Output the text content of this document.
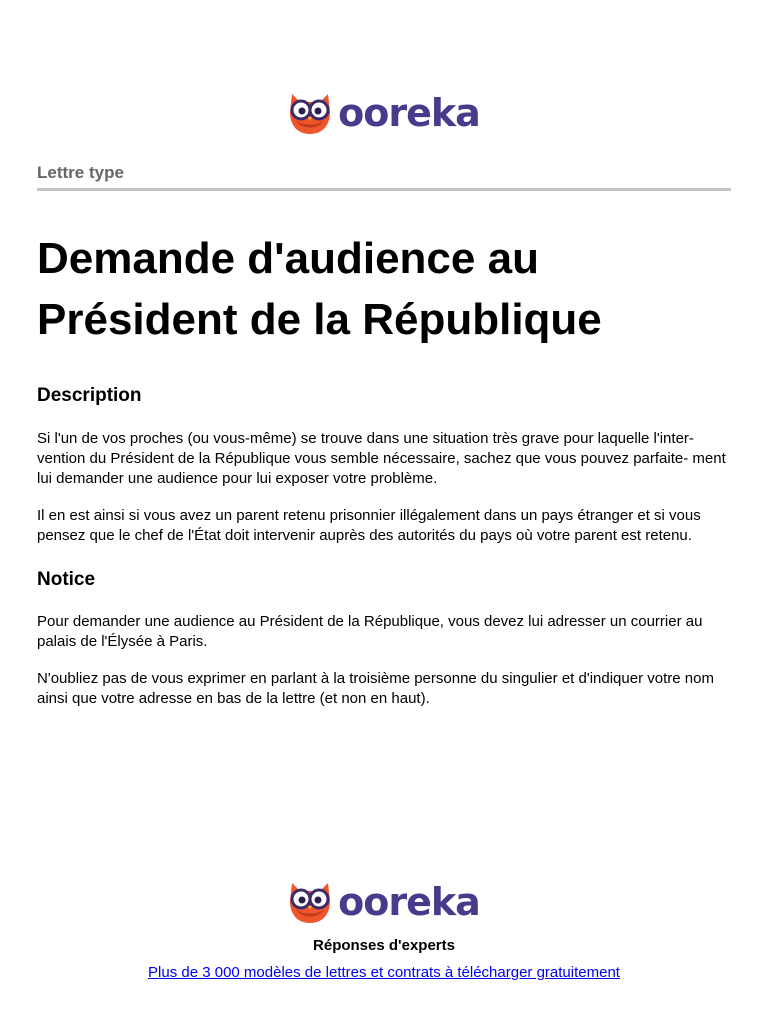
ooreka
Lettre type
Demande d'audience au
Président de la République
Description

Si l'un de vos proches (ou vous-même) se trouve dans une situation très grave pour laquelle l'inter- vention du Président de la République vous semble nécessaire, sachez que vous pouvez parfaite- ment lui demander une audience pour lui exposer votre problème.

Il en est ainsi si vous avez un parent retenu prisonnier illégalement dans un pays étranger et si vous pensez que le chef de l'État doit intervenir auprès des autorités du pays où votre parent est retenu.

Notice

Pour demander une audience au Président de la République, vous devez lui adresser un courrier au palais de l'Élysée à Paris.

N'oubliez pas de vous exprimer en parlant à la troisième personne du singulier et d'indiquer votre nom ainsi que votre adresse en bas de la lettre (et non en haut).

ooreka
Réponses d'experts
Plus de 3 000 modèles de lettres et contrats à télécharger gratuitement
